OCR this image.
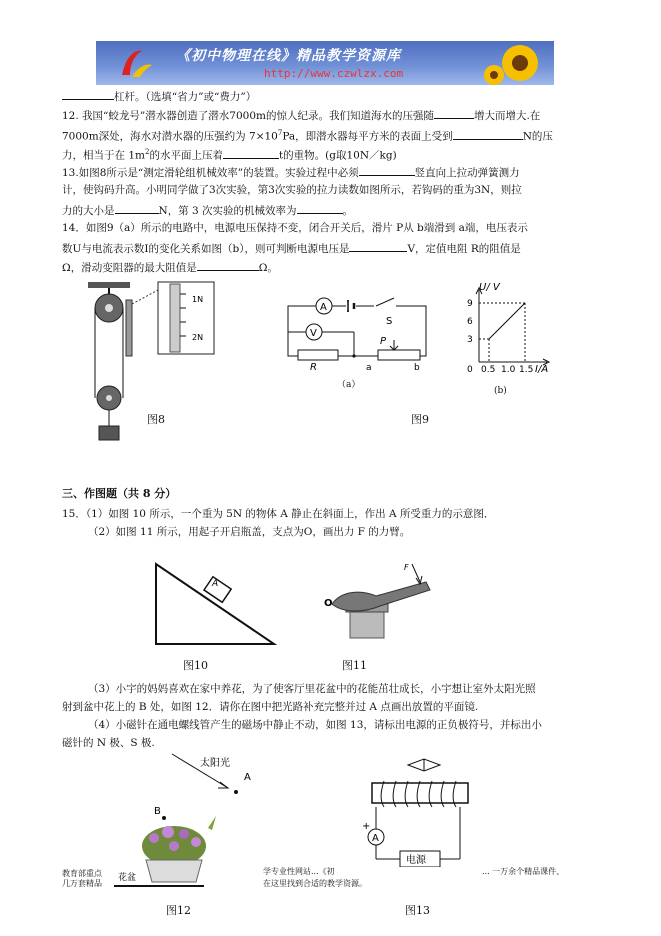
《初中物理在线》精品教学资源库
http://www.czwlzx.com
杠杆。（选填“省力”或“费力”）
12. 我国“蛟龙号”潜水器创造了潜水7000m的惊人纪录。我们知道海水的压强随	增大而增大.在
7000m深处，海水对潜水器的压强约为 $7\times 10^7Pa$，即潜水器每平方米的表面上受到	N的压
力，相当于在 $1m^2$的水平面上压着	t的重物。(g取10N／kg)
13.如图8所示是“测定滑轮组机械效率”的装置。实验过程中必须	竖直向上拉动弹簧测力
计，使钩码升高。小明同学做了3次实验，第3次实验的拉力读数如图所示，若钩码的重为3N，则拉
力的大小是	N，第 3 次实验的机械效率为	。
14．如图9（a）所示的电路中，电源电压保持不变，闭合开关后，滑片 P从 b端滑到 a端，电压表示
数U与电流表示数I的变化关系如图（b），则可判断电源电压是	V，定值电阻 R的阻值是
Ω，滑动变阻器的最大阻值是	Ω。
1N
2N
图8
A
S
V
R
P
a	b
（a）
U/ V
I/A
9
6
3
0 0.5 1.0 1.5
(b)
图9
三、作图题（共 8 分）
15．（1）如图 10 所示，一个重为 5N 的物体 A 静止在斜面上，作出 A 所受重力的示意图．
（2）如图 11 所示，用起子开启瓶盖，支点为O，画出力 F 的力臂。
A
图10
F
O
图11
（3）小宇的妈妈喜欢在家中养花，为了使客厅里花盆中的花能茁壮成长，小宇想让室外太阳光照
射到盆中花上的 B 处，如图 12．请你在图中把光路补充完整并过 A 点画出放置的平面镜.
（4）小磁针在通电螺线管产生的磁场中静止不动，如图 13，请标出电源的正负极符号，并标出小
磁针的 N 极、S 极.
太阳光
A
B
花盆
图12
A
+
电源
图13
教育部重点
几万套精品
学专业性网站...《初
在这里找到合适的教学资源。
... 一万余个精品课件、
